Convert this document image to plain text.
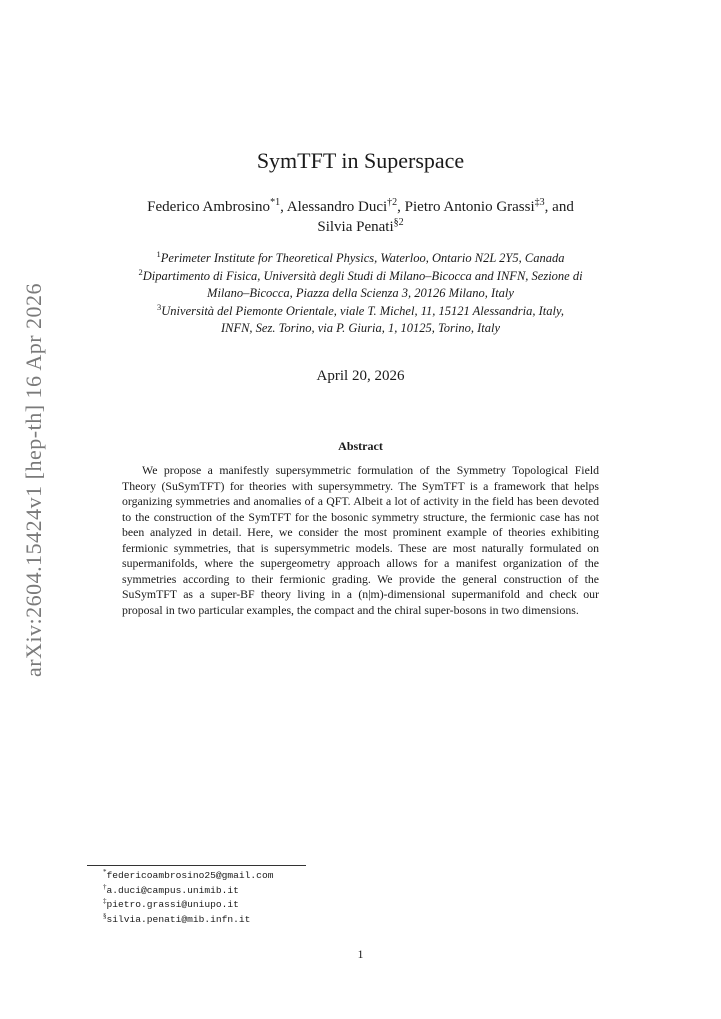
arXiv:2604.15424v1 [hep-th] 16 Apr 2026
SymTFT in Superspace
Federico Ambrosino$^{*1}$, Alessandro Duci$^{\dagger 2}$, Pietro Antonio Grassi$^{\ddagger 3}$, and
Silvia Penati$^{\S 2}$
$^1$Perimeter Institute for Theoretical Physics, Waterloo, Ontario N2L 2Y5, Canada
$^2$Dipartimento di Fisica, Università degli Studi di Milano–Bicocca and INFN, Sezione di
Milano–Bicocca, Piazza della Scienza 3, 20126 Milano, Italy
$^3$Università del Piemonte Orientale, viale T. Michel, 11, 15121 Alessandria, Italy,
INFN, Sez. Torino, via P. Giuria, 1, 10125, Torino, Italy
April 20, 2026
Abstract

We propose a manifestly supersymmetric formulation of the Symmetry Topological Field Theory (SuSymTFT) for theories with supersymmetry. The SymTFT is a framework that helps organizing symmetries and anomalies of a QFT. Albeit a lot of activity in the field has been devoted to the construction of the SymTFT for the bosonic symmetry structure, the fermionic case has not been analyzed in detail. Here, we consider the most prominent example of theories exhibiting fermionic symmetries, that is supersymmetric models. These are most naturally formulated on supermanifolds, where the supergeometry approach allows for a manifest organization of the symmetries according to their fermionic grading. We provide the general construction of the SuSymTFT as a super-BF theory living in a (n|m)-dimensional supermanifold and check our proposal in two particular examples, the compact and the chiral super-bosons in two dimensions.

*federicoambrosino25@gmail.com
†a.duci@campus.unimib.it
‡pietro.grassi@uniupo.it
§silvia.penati@mib.infn.it
1
